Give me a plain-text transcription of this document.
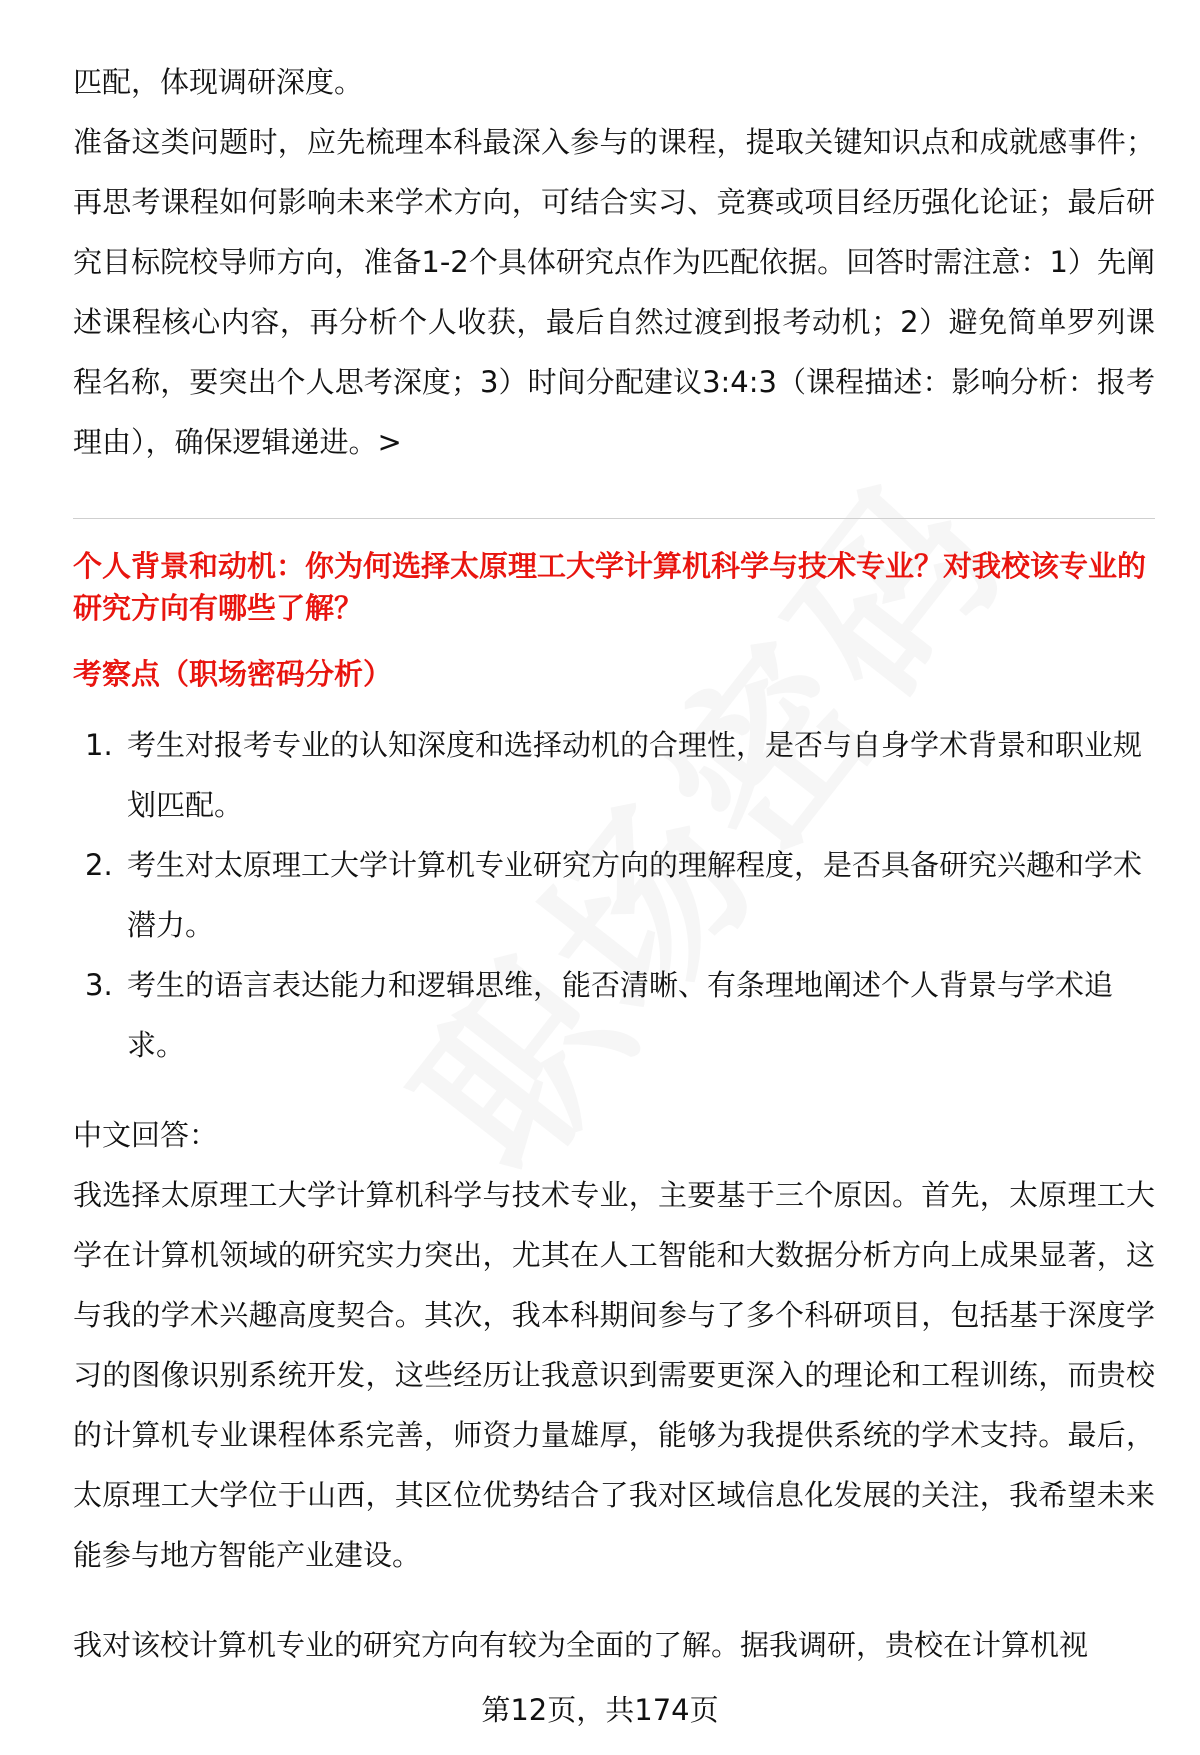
匹配，体现调研深度。

准备这类问题时，应先梳理本科最深入参与的课程，提取关键知识点和成就感事件；再思考课程如何影响未来学术方向，可结合实习、竞赛或项目经历强化论证；最后研究目标院校导师方向，准备1-2个具体研究点作为匹配依据。回答时需注意：1）先阐述课程核心内容，再分析个人收获，最后自然过渡到报考动机；2）避免简单罗列课程名称，要突出个人思考深度；3）时间分配建议3:4:3（课程描述：影响分析：报考理由），确保逻辑递进。>

个人背景和动机：你为何选择太原理工大学计算机科学与技术专业？对我校该专业的研究方向有哪些了解？

考察点（职场密码分析）

1. 考生对报考专业的认知深度和选择动机的合理性，是否与自身学术背景和职业规划匹配。
2. 考生对太原理工大学计算机专业研究方向的理解程度，是否具备研究兴趣和学术潜力。
3. 考生的语言表达能力和逻辑思维，能否清晰、有条理地阐述个人背景与学术追求。

中文回答：

我选择太原理工大学计算机科学与技术专业，主要基于三个原因。首先，太原理工大学在计算机领域的研究实力突出，尤其在人工智能和大数据分析方向上成果显著，这与我的学术兴趣高度契合。其次，我本科期间参与了多个科研项目，包括基于深度学习的图像识别系统开发，这些经历让我意识到需要更深入的理论和工程训练，而贵校的计算机专业课程体系完善，师资力量雄厚，能够为我提供系统的学术支持。最后，太原理工大学位于山西，其区位优势结合了我对区域信息化发展的关注，我希望未来能参与地方智能产业建设。

我对该校计算机专业的研究方向有较为全面的了解。据我调研，贵校在计算机视

第12页，共174页
